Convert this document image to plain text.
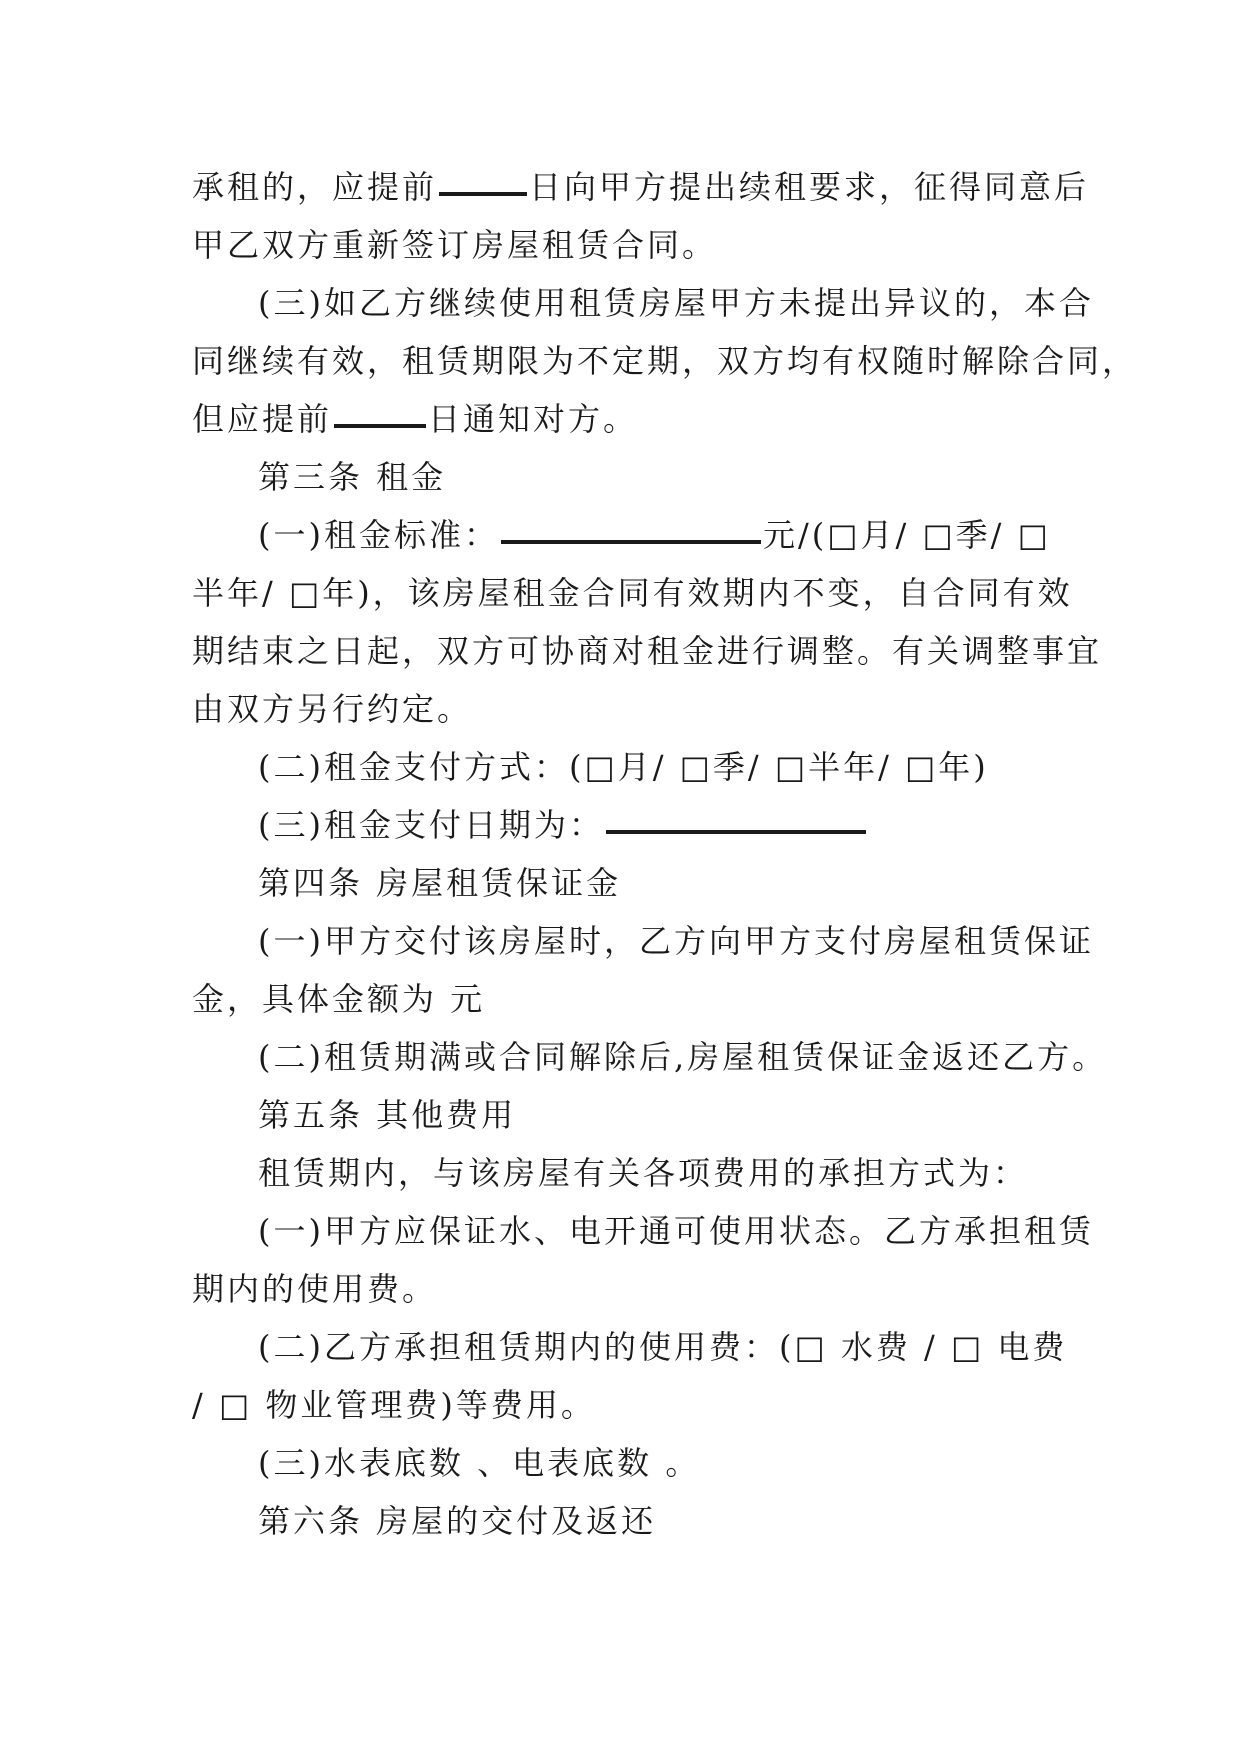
承租的，应提前	日向甲方提出续租要求，征得同意后
甲乙双方重新签订房屋租赁合同。
(三)如乙方继续使用租赁房屋甲方未提出异议的，本合
同继续有效，租赁期限为不定期，双方均有权随时解除合同，
但应提前	日通知对方。
第三条 租金
(一)租金标准：	元/(□月/ □季/ □
半年/ □年)，该房屋租金合同有效期内不变，自合同有效
期结束之日起，双方可协商对租金进行调整。有关调整事宜
由双方另行约定。
(二)租金支付方式：(□月/ □季/ □半年/ □年)
(三)租金支付日期为：
第四条 房屋租赁保证金
(一)甲方交付该房屋时，乙方向甲方支付房屋租赁保证
金，具体金额为 元
(二)租赁期满或合同解除后,房屋租赁保证金返还乙方。
第五条 其他费用
租赁期内，与该房屋有关各项费用的承担方式为：
(一)甲方应保证水、电开通可使用状态。乙方承担租赁
期内的使用费。
(二)乙方承担租赁期内的使用费：(□ 水费 / □ 电费
/ □ 物业管理费)等费用。
(三)水表底数 、电表底数 。
第六条 房屋的交付及返还
